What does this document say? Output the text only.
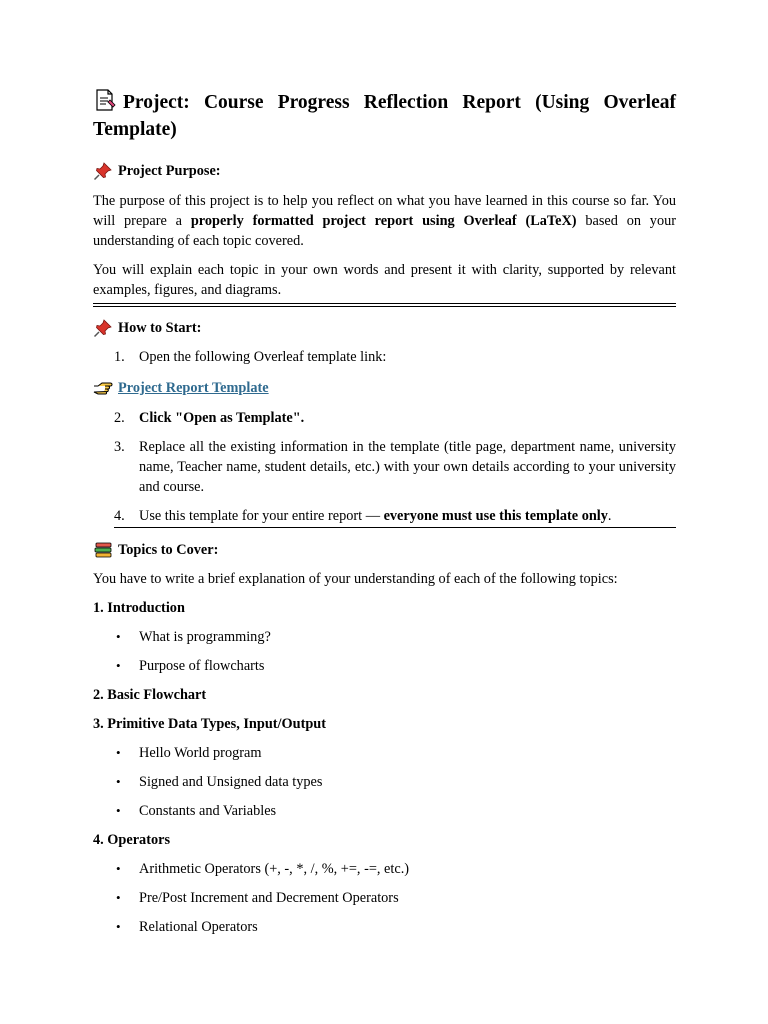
Project: Course Progress Reflection Report (Using Overleaf Template)
Project Purpose:

The purpose of this project is to help you reflect on what you have learned in this course so far. You will prepare a properly formatted project report using Overleaf (LaTeX) based on your understanding of each topic covered.

You will explain each topic in your own words and present it with clarity, supported by relevant examples, figures, and diagrams.

How to Start:
1. Open the following Overleaf template link:
Project Report Template
2. Click "Open as Template".
3. Replace all the existing information in the template (title page, department name, university name, Teacher name, student details, etc.) with your own details according to your university and course.
4. Use this template for your entire report — everyone must use this template only.
Topics to Cover:

You have to write a brief explanation of your understanding of each of the following topics:

1. Introduction

•
What is programming?
•
Purpose of flowcharts

2. Basic Flowchart

3. Primitive Data Types, Input/Output

•
Hello World program
•
Signed and Unsigned data types
•
Constants and Variables

4. Operators

•
Arithmetic Operators (+, -, *, /, %, +=, -=, etc.)
•
Pre/Post Increment and Decrement Operators
•
Relational Operators
